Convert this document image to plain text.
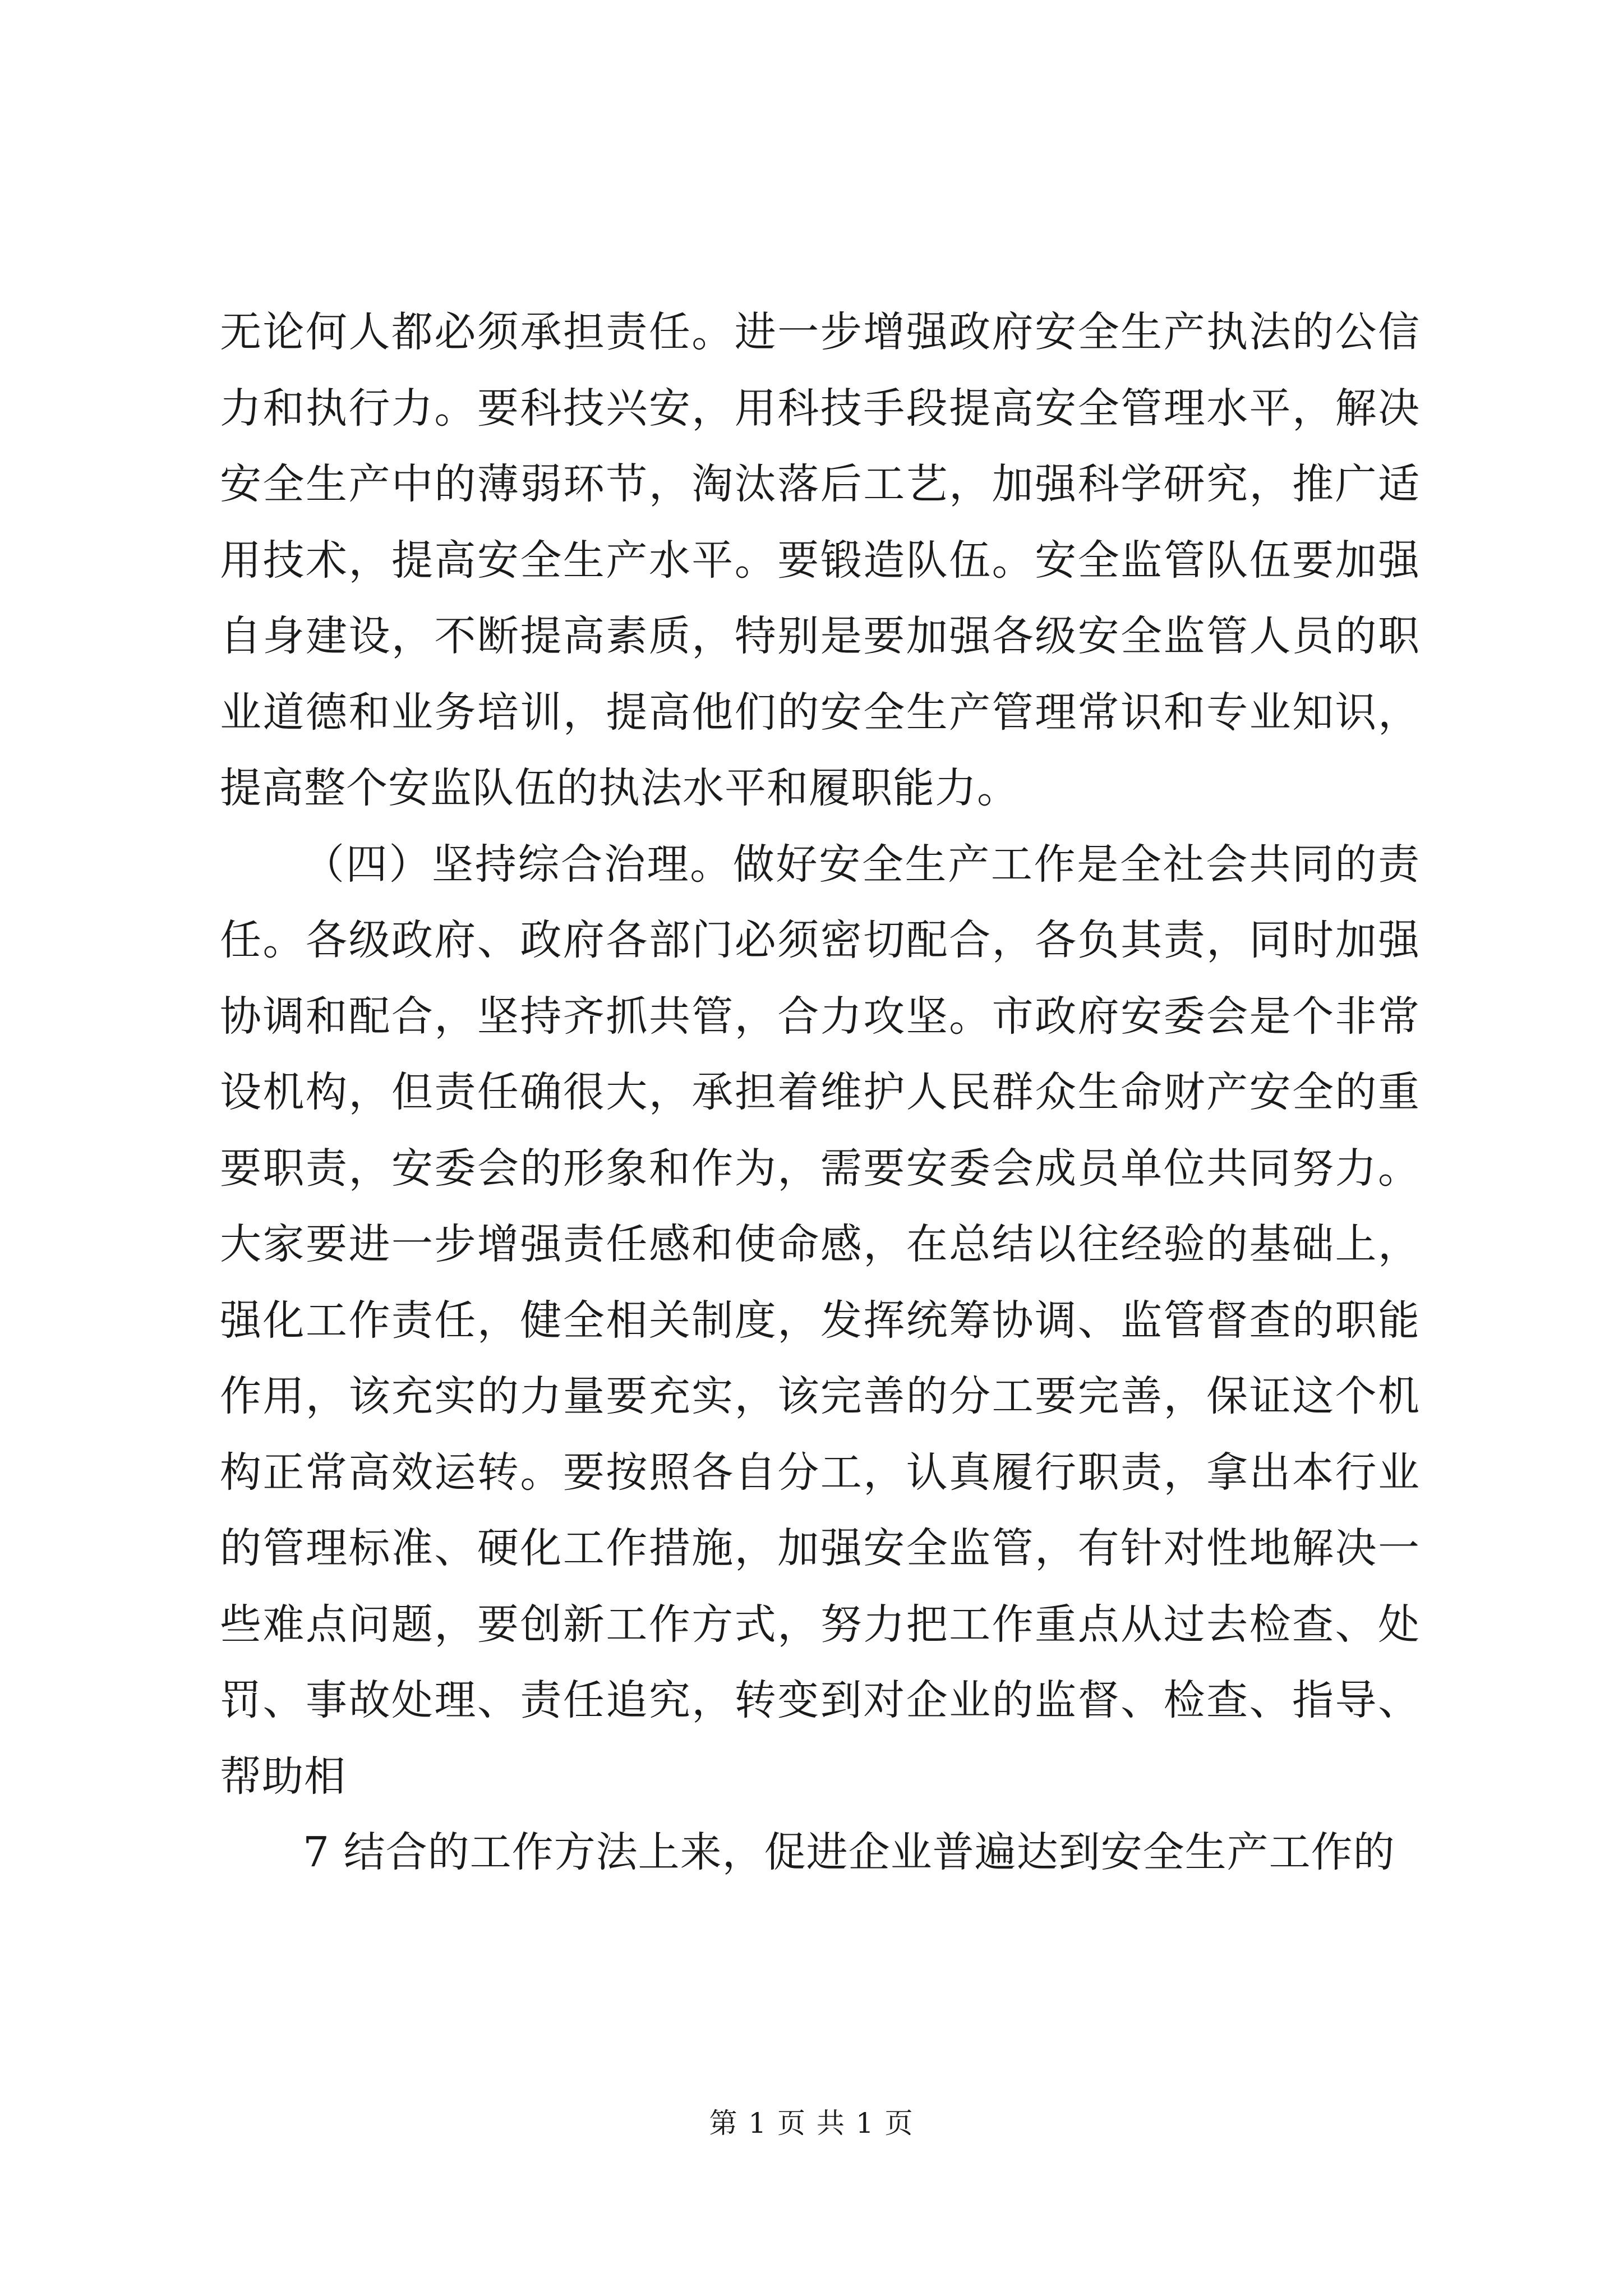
无论何人都必须承担责任。进一步增强政府安全生产执法的公信力和执行力。要科技兴安，用科技手段提高安全管理水平，解决安全生产中的薄弱环节，淘汰落后工艺，加强科学研究，推广适用技术，提高安全生产水平。要锻造队伍。安全监管队伍要加强自身建设，不断提高素质，特别是要加强各级安全监管人员的职业道德和业务培训，提高他们的安全生产管理常识和专业知识，提高整个安监队伍的执法水平和履职能力。

（四）坚持综合治理。做好安全生产工作是全社会共同的责任。各级政府、政府各部门必须密切配合，各负其责，同时加强协调和配合，坚持齐抓共管，合力攻坚。市政府安委会是个非常设机构，但责任确很大，承担着维护人民群众生命财产安全的重要职责，安委会的形象和作为，需要安委会成员单位共同努力。大家要进一步增强责任感和使命感，在总结以往经验的基础上，强化工作责任，健全相关制度，发挥统筹协调、监管督查的职能作用，该充实的力量要充实，该完善的分工要完善，保证这个机构正常高效运转。要按照各自分工，认真履行职责，拿出本行业的管理标准、硬化工作措施，加强安全监管，有针对性地解决一些难点问题，要创新工作方式，努力把工作重点从过去检查、处罚、事故处理、责任追究，转变到对企业的监督、检查、指导、帮助相

7 结合的工作方法上来，促进企业普遍达到安全生产工作的

第 1 页 共 1 页
